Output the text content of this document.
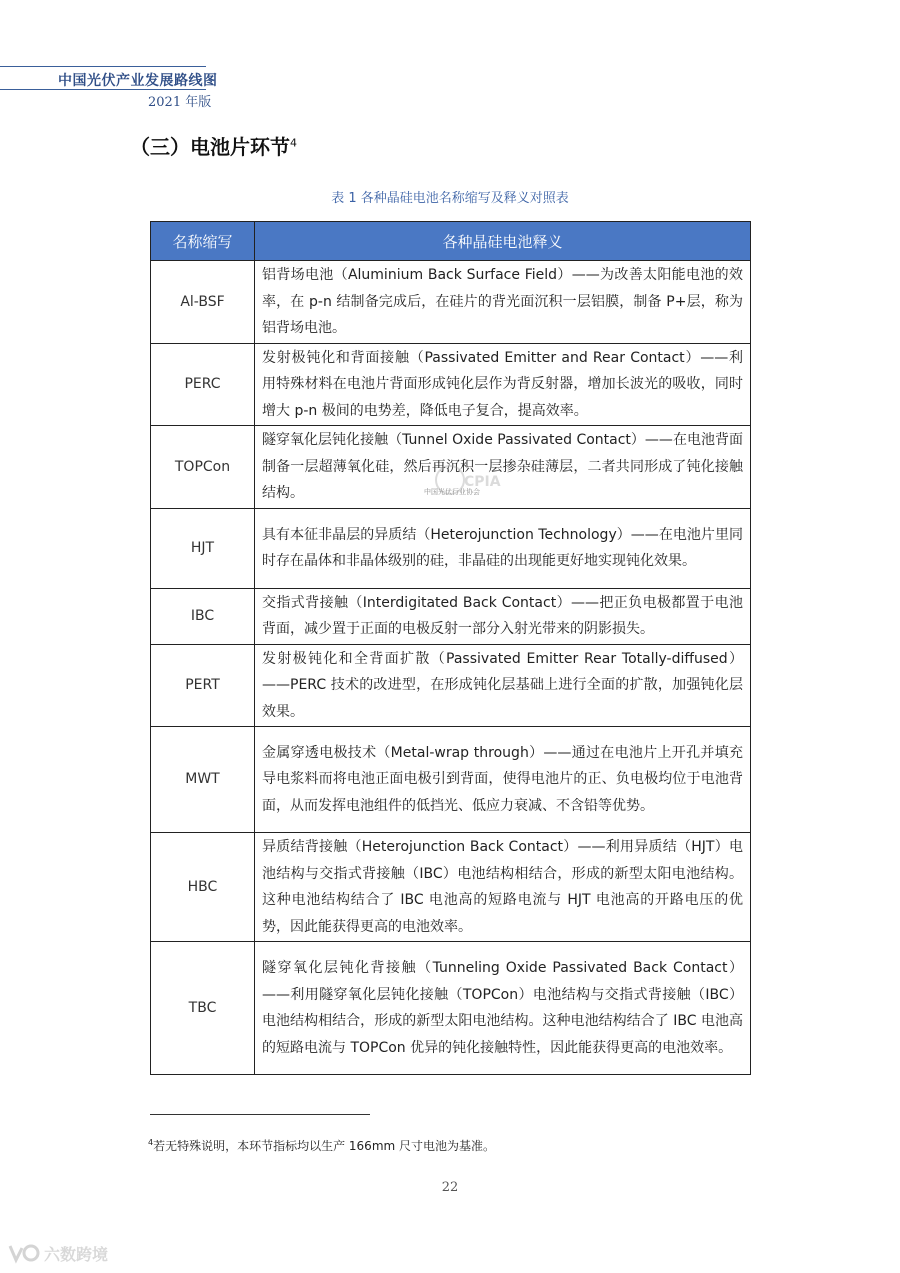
中国光伏产业发展路线图
2021 年版
（三）电池片环节$^4$
表 1 各种晶硅电池名称缩写及释义对照表
名称缩写	各种晶硅电池释义
Al-BSF	铝背场电池（Aluminium Back Surface Field）——为改善太阳能电池的效率，在 p-n 结制备完成后，在硅片的背光面沉积一层铝膜，制备 P+层，称为铝背场电池。
PERC	发射极钝化和背面接触（Passivated Emitter and Rear Contact）——利用特殊材料在电池片背面形成钝化层作为背反射器，增加长波光的吸收，同时增大 p-n 极间的电势差，降低电子复合，提高效率。
TOPCon	隧穿氧化层钝化接触（Tunnel Oxide Passivated Contact）——在电池背面制备一层超薄氧化硅，然后再沉积一层掺杂硅薄层，二者共同形成了钝化接触结构。
HJT	具有本征非晶层的异质结（Heterojunction Technology）——在电池片里同时存在晶体和非晶体级别的硅，非晶硅的出现能更好地实现钝化效果。
IBC	交指式背接触（Interdigitated Back Contact）——把正负电极都置于电池背面，减少置于正面的电极反射一部分入射光带来的阴影损失。
PERT	发射极钝化和全背面扩散（Passivated Emitter Rear Totally-diffused）——PERC 技术的改进型，在形成钝化层基础上进行全面的扩散，加强钝化层效果。
MWT	金属穿透电极技术（Metal-wrap through）——通过在电池片上开孔并填充导电浆料而将电池正面电极引到背面，使得电池片的正、负电极均位于电池背面，从而发挥电池组件的低挡光、低应力衰减、不含铅等优势。
HBC	异质结背接触（Heterojunction Back Contact）——利用异质结（HJT）电池结构与交指式背接触（IBC）电池结构相结合，形成的新型太阳电池结构。这种电池结构结合了 IBC 电池高的短路电流与 HJT 电池高的开路电压的优势，因此能获得更高的电池效率。
TBC	隧穿氧化层钝化背接触（Tunneling Oxide Passivated Back Contact）——利用隧穿氧化层钝化接触（TOPCon）电池结构与交指式背接触（IBC）电池结构相结合，形成的新型太阳电池结构。这种电池结构结合了 IBC 电池高的短路电流与 TOPCon 优异的钝化接触特性，因此能获得更高的电池效率。
CPIA
中国光伏行业协会
$^4$若无特殊说明，本环节指标均以生产 166mm 尺寸电池为基准。
22
六数跨境
